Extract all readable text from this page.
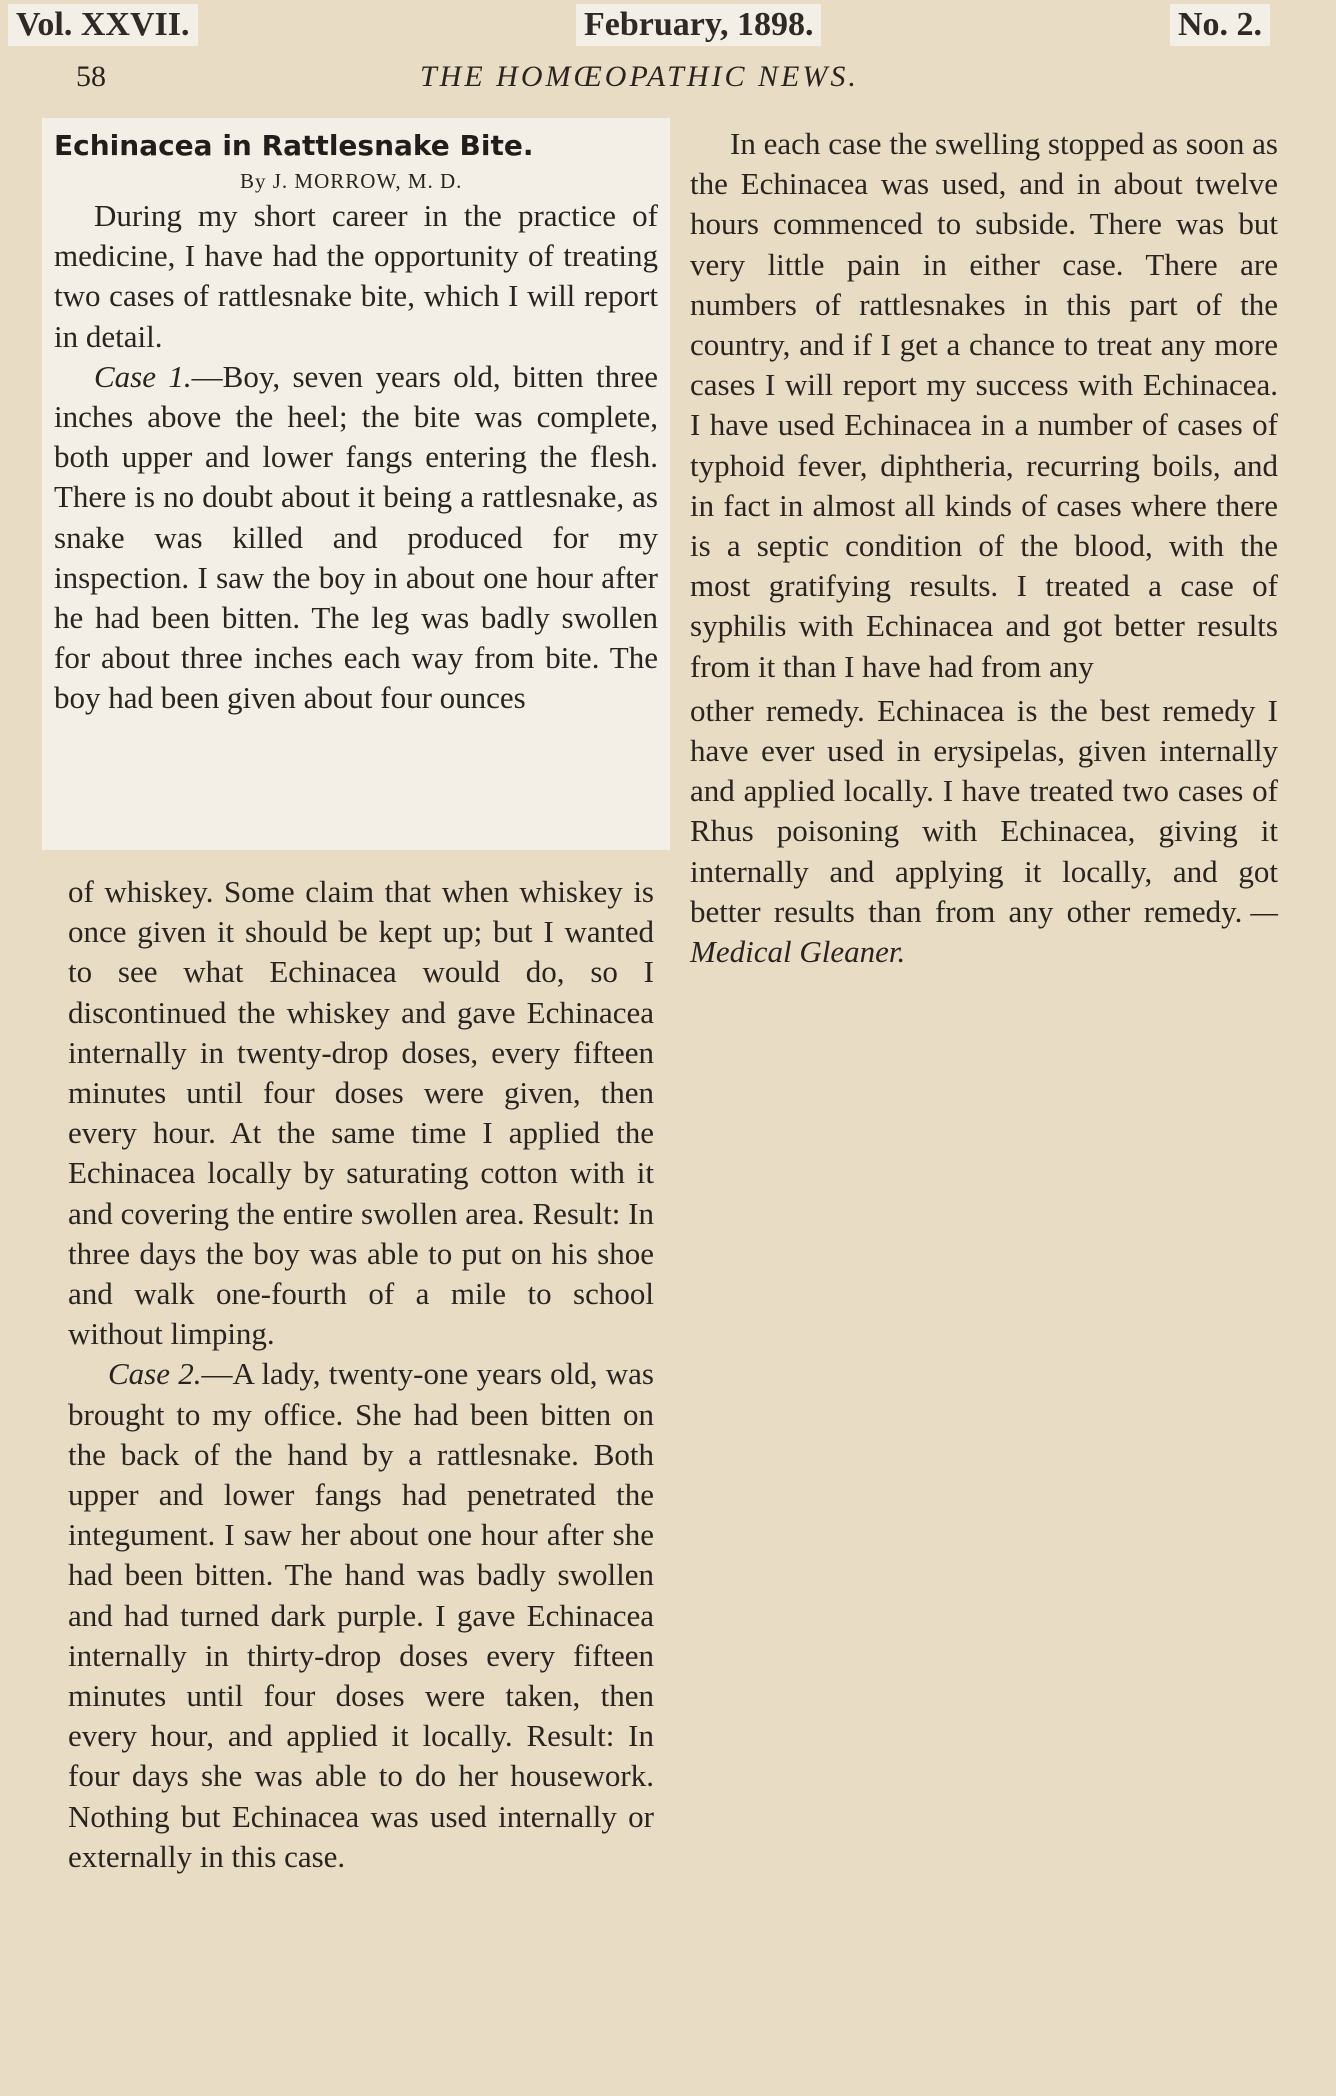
Vol. XXVII.	February, 1898.	No. 2.
58	THE HOMŒOPATHIC NEWS.

Echinacea in Rattlesnake Bite.

By J. MORROW, M. D.

During my short career in the practice of medicine, I have had the opportunity of treating two cases of rattlesnake bite, which I will report in detail.

Case 1.—Boy, seven years old, bitten three inches above the heel; the bite was complete, both upper and lower fangs entering the flesh. There is no doubt about it being a rattlesnake, as snake was killed and produced for my inspection. I saw the boy in about one hour after he had been bitten. The leg was badly swollen for about three inches each way from bite. The boy had been given about four ounces

of whiskey. Some claim that when whiskey is once given it should be kept up; but I wanted to see what Echinacea would do, so I discontinued the whiskey and gave Echinacea internally in twenty-drop doses, every fifteen minutes until four doses were given, then every hour. At the same time I applied the Echinacea locally by saturating cotton with it and covering the entire swollen area. Result: In three days the boy was able to put on his shoe and walk one-fourth of a mile to school without limping.

Case 2.—A lady, twenty-one years old, was brought to my office. She had been bitten on the back of the hand by a rattlesnake. Both upper and lower fangs had penetrated the integument. I saw her about one hour after she had been bitten. The hand was badly swollen and had turned dark purple. I gave Echinacea internally in thirty-drop doses every fifteen minutes until four doses were taken, then every hour, and applied it locally. Result: In four days she was able to do her housework. Nothing but Echinacea was used internally or externally in this case.

In each case the swelling stopped as soon as the Echinacea was used, and in about twelve hours commenced to subside. There was but very little pain in either case. There are numbers of rattlesnakes in this part of the country, and if I get a chance to treat any more cases I will report my success with Echinacea. I have used Echinacea in a number of cases of typhoid fever, diphtheria, recurring boils, and in fact in almost all kinds of cases where there is a septic condition of the blood, with the most gratifying results. I treated a case of syphilis with Echinacea and got better results from it than I have had from any

other remedy. Echinacea is the best remedy I have ever used in erysipelas, given internally and applied locally. I have treated two cases of Rhus poisoning with Echinacea, giving it internally and applying it locally, and got better results than from any other remedy. —Medical Gleaner.
